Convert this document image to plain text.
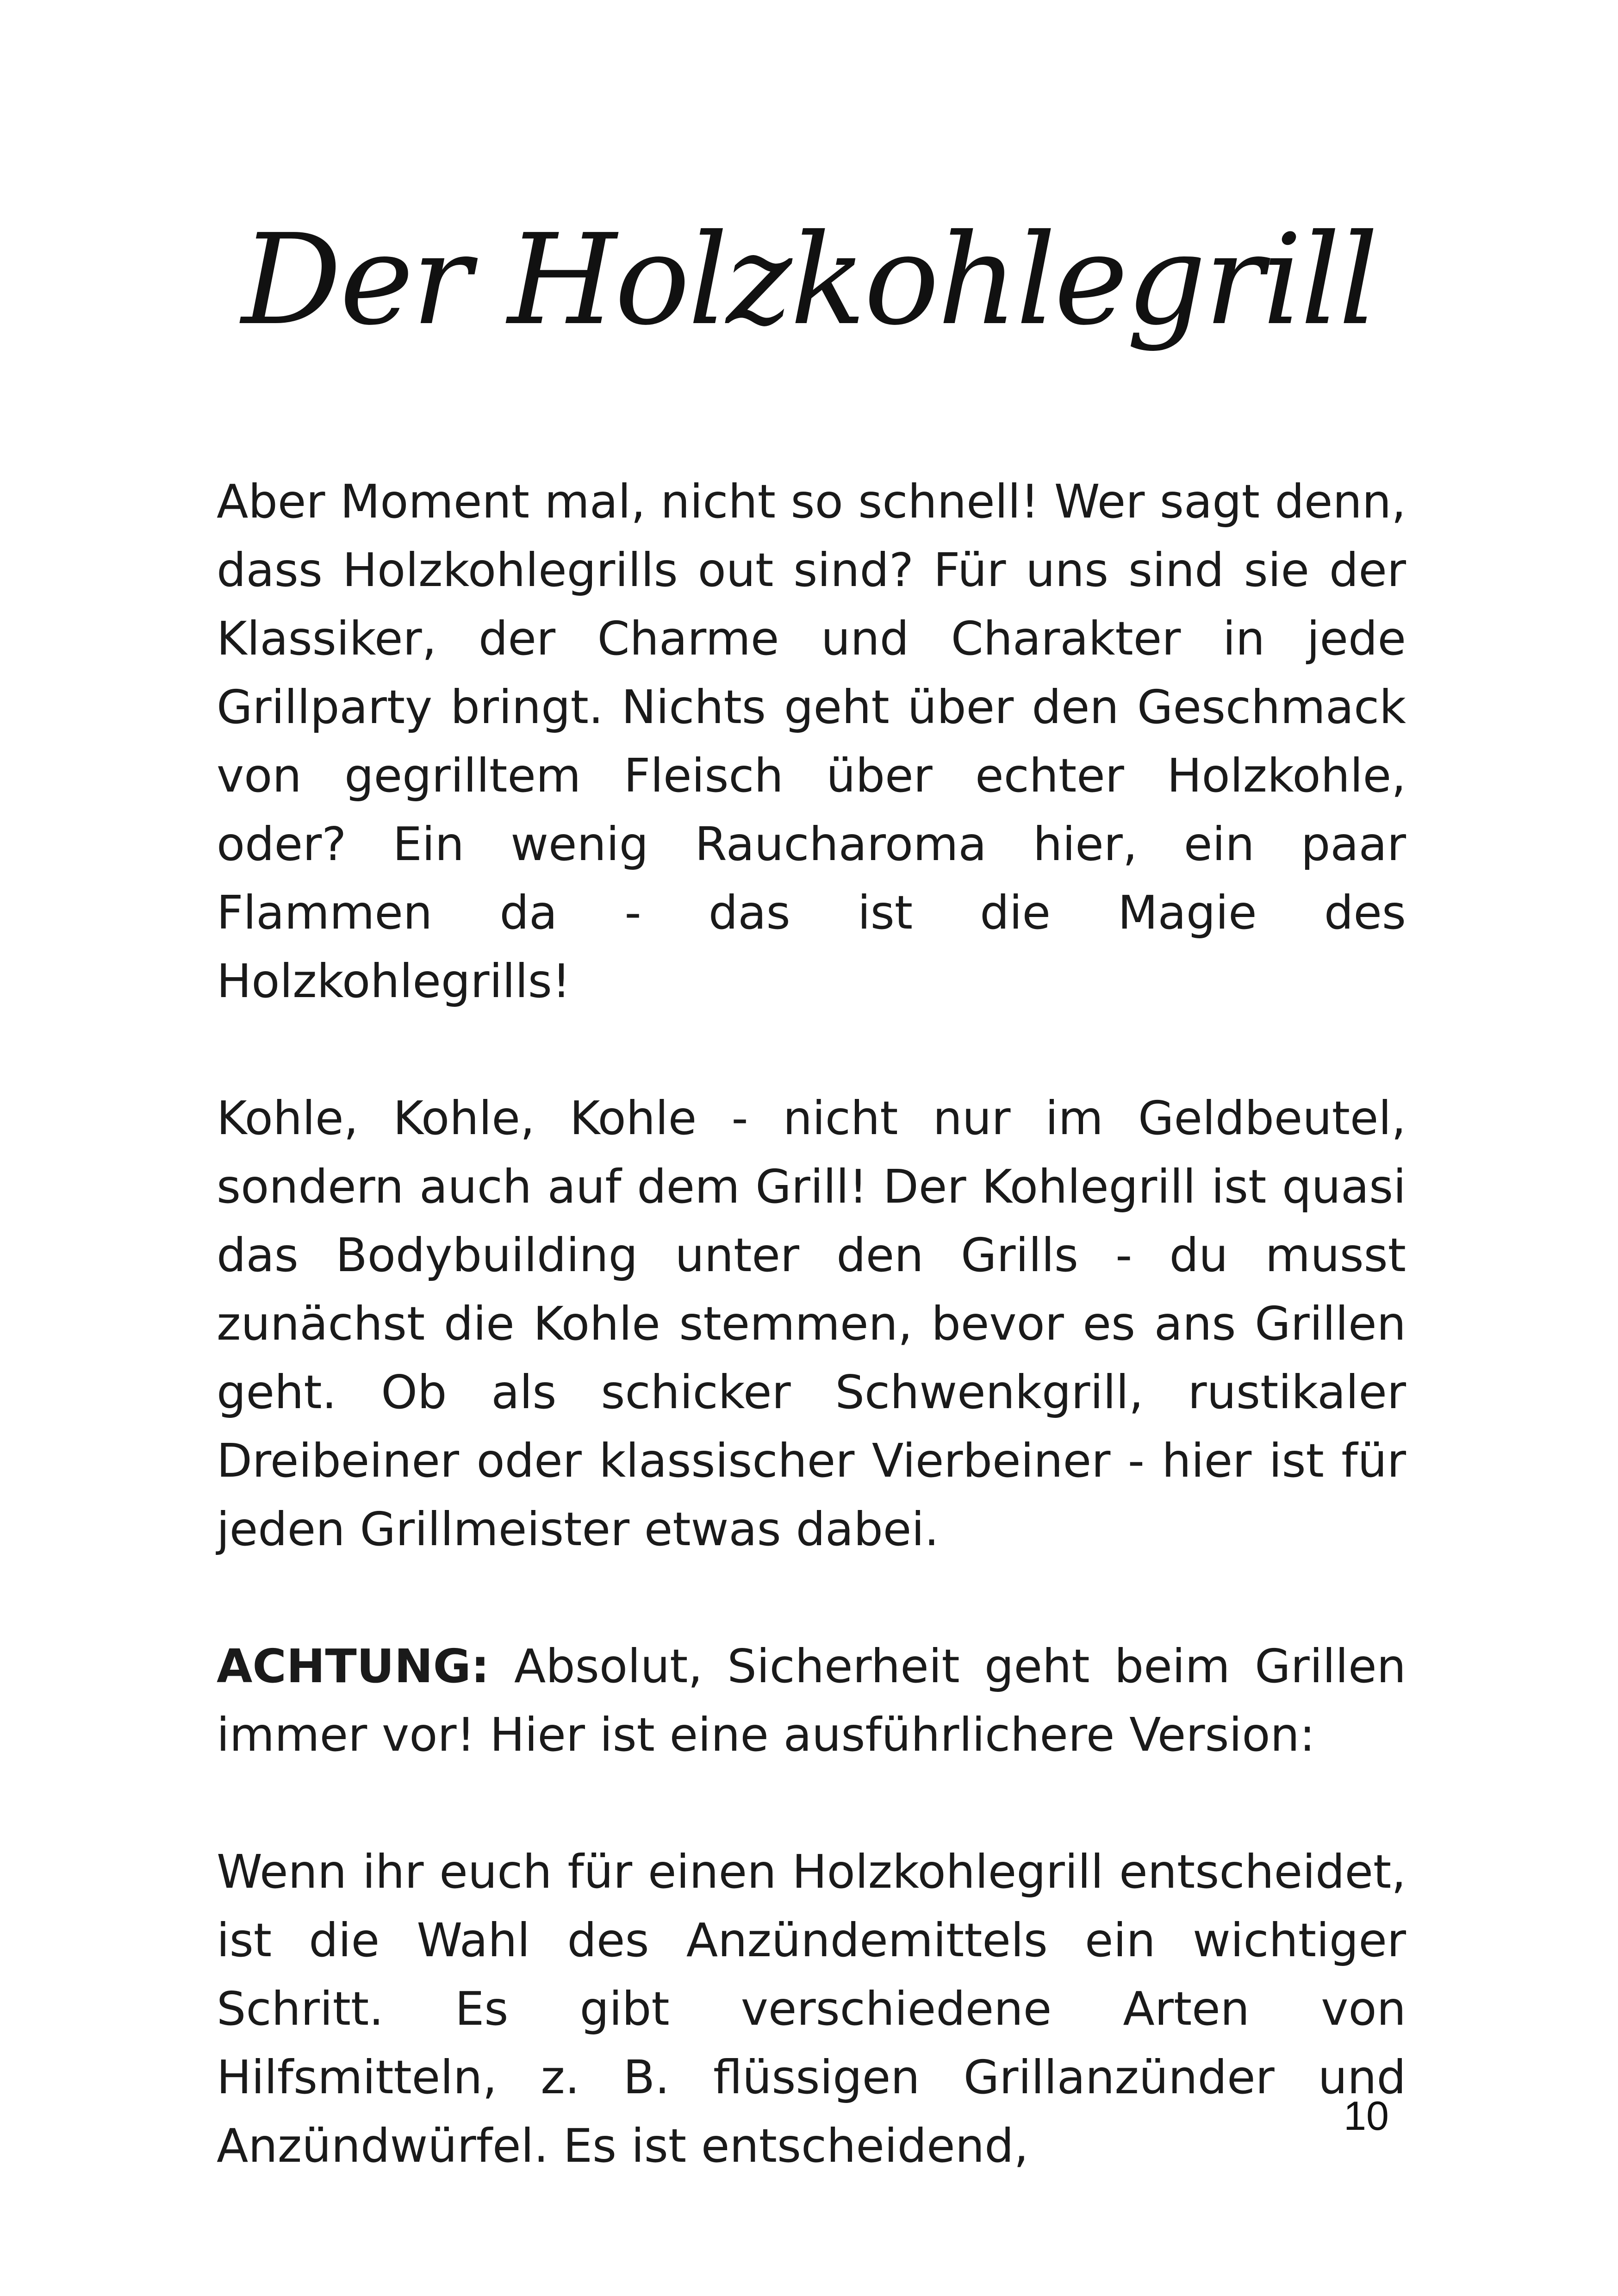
Der Holzkohlegrill

Aber Moment mal, nicht so schnell! Wer sagt denn, dass Holzkohlegrills out sind? Für uns sind sie der Klassiker, der Charme und Charakter in jede Grillparty bringt. Nichts geht über den Geschmack von gegrilltem Fleisch über echter Holzkohle, oder? Ein wenig Raucharoma hier, ein paar Flammen da - das ist die Magie des Holzkohlegrills!

Kohle, Kohle, Kohle - nicht nur im Geldbeutel, sondern auch auf dem Grill! Der Kohlegrill ist quasi das Bodybuilding unter den Grills - du musst zunächst die Kohle stemmen, bevor es ans Grillen geht. Ob als schicker Schwenkgrill, rustikaler Dreibeiner oder klassischer Vierbeiner - hier ist für jeden Grillmeister etwas dabei.

ACHTUNG: Absolut, Sicherheit geht beim Grillen immer vor! Hier ist eine ausführlichere Version:

Wenn ihr euch für einen Holzkohlegrill entscheidet, ist die Wahl des Anzündemittels ein wichtiger Schritt. Es gibt verschiedene Arten von Hilfsmitteln, z. B. flüssigen Grillanzünder und Anzündwürfel. Es ist entscheidend,

10
